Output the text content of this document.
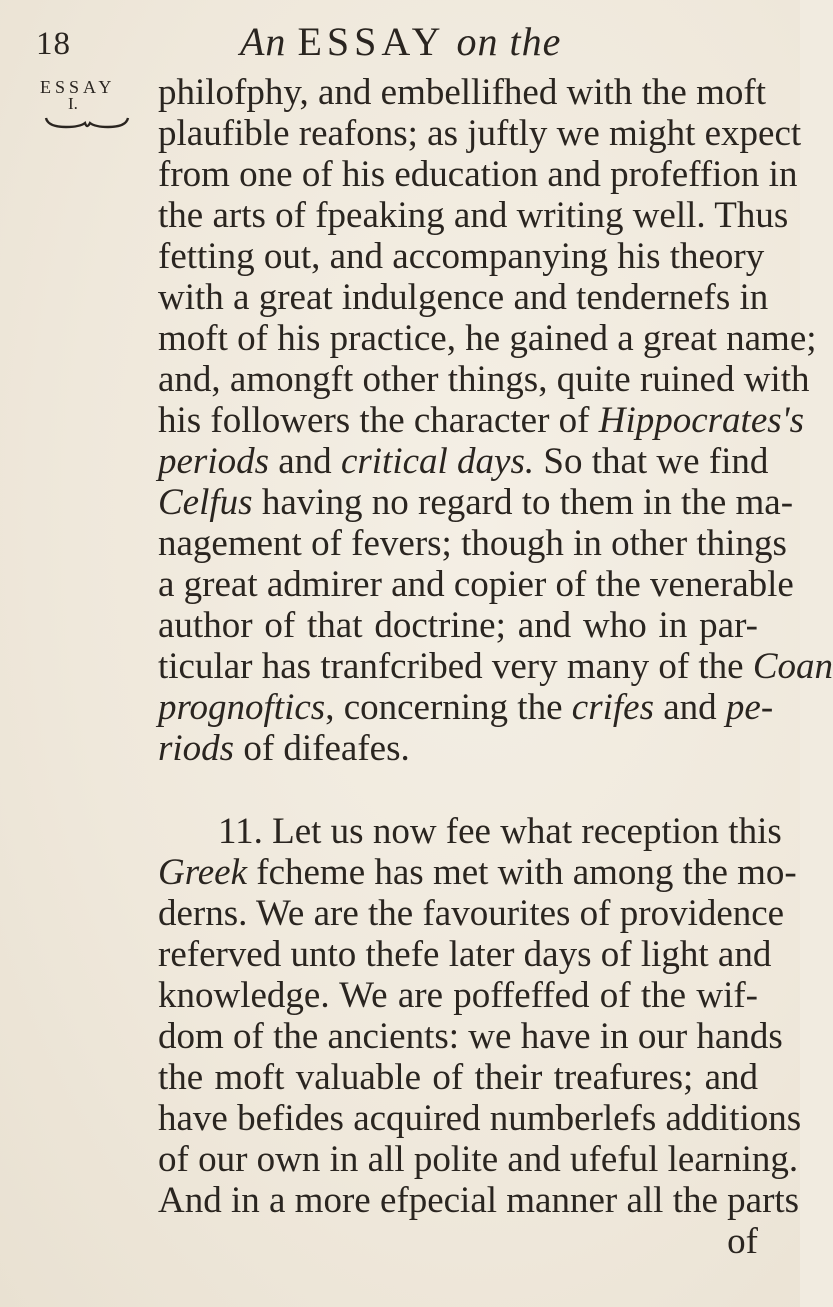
18	An ESSAY on the
ESSAY
I.	philofphy, and embellifhed with the moft
plaufible reafons; as juftly we might expect
from one of his education and profeffion in
the arts of fpeaking and writing well. Thus
fetting out, and accompanying his theory
with a great indulgence and tendernefs in
moft of his practice, he gained a great name;
and, amongft other things, quite ruined with
his followers the character of Hippocrates's
periods and critical days. So that we find
Celfus having no regard to them in the ma-
nagement of fevers; though in other things
a great admirer and copier of the venerable
author of that doctrine; and who in par-
ticular has tranfcribed very many of the Coan
prognoftics, concerning the crifes and pe-
riods of difeafes.
11. Let us now fee what reception this
Greek fcheme has met with among the mo-
derns. We are the favourites of providence
referved unto thefe later days of light and
knowledge. We are poffeffed of the wif-
dom of the ancients: we have in our hands
the moft valuable of their treafures; and
have befides acquired numberlefs additions
of our own in all polite and ufeful learning.
And in a more efpecial manner all the parts
of
